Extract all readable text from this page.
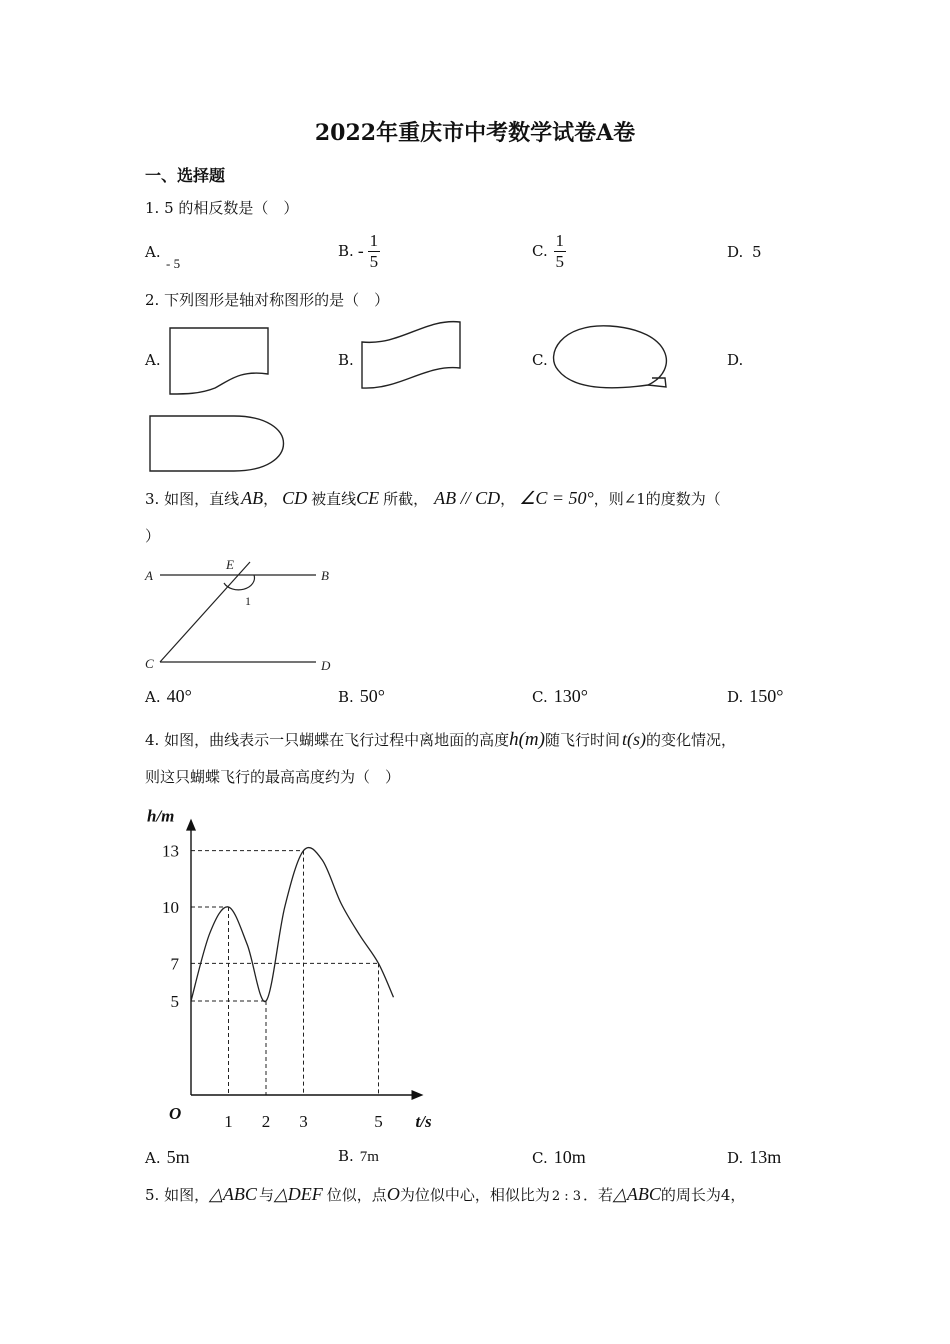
2022年重庆市中考数学试卷A卷
一、选择题
1. 5 的相反数是（　）
A.
- 5
B. - $\frac{1}{5}$	C. $\frac{1}{5}$	D. 5
2. 下列图形是轴对称图形的是（　）
A.	B.	C.	D.
3. 如图，直线 AB ， CD 被直线 CE 所截， AB // CD ， ∠C = 50° ，则∠1的度数为（
）
A	B
C	D
E
1
A. 40°	B. 50°	C. 130°	D. 150°
4. 如图，曲线表示一只蝴蝶在飞行过程中离地面的高度 h(m) 随飞行时间 t(s) 的变化情况，
则这只蝴蝶飞行的最高高度约为（　）
1 2 3	5
5
7
10
13
O	t/s
h/m
A. 5m	B. 7m	C. 10m	D. 13m
5. 如图， △ABC 与 △DEF 位似，点 O 为位似中心，相似比为 2 : 3 ．若 △ABC 的周长为4，
